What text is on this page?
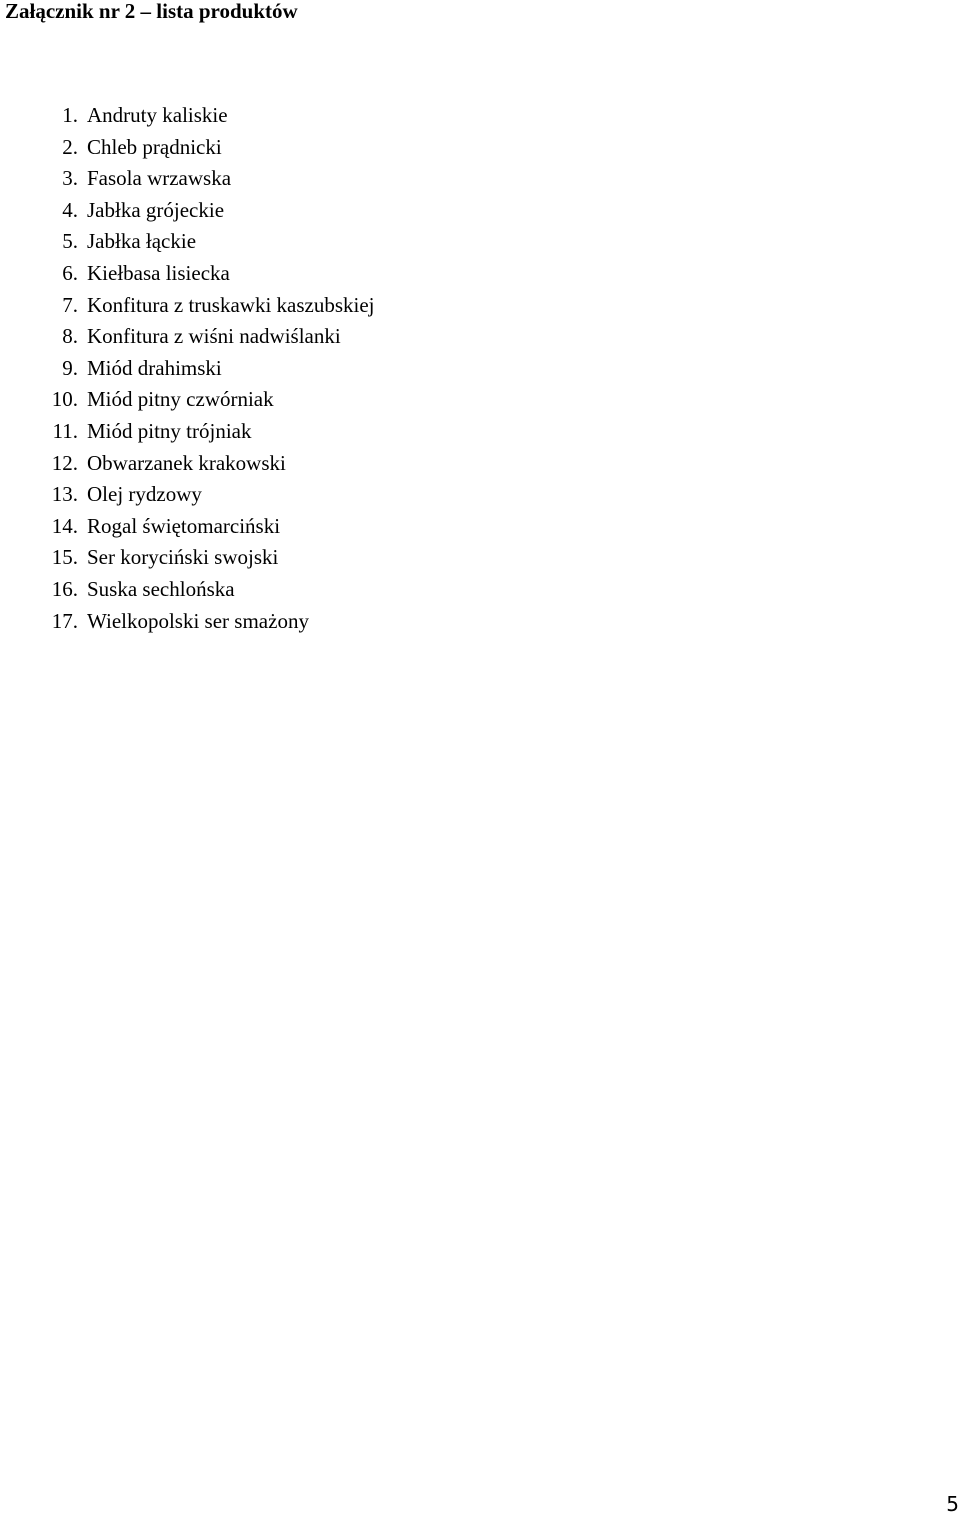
Załącznik nr 2 – lista produktów
1. Andruty kaliskie
2. Chleb prądnicki
3. Fasola wrzawska
4. Jabłka grójeckie
5. Jabłka łąckie
6. Kiełbasa lisiecka
7. Konfitura z truskawki kaszubskiej
8. Konfitura z wiśni nadwiślanki
9. Miód drahimski
10. Miód pitny czwórniak
11. Miód pitny trójniak
12. Obwarzanek krakowski
13. Olej rydzowy
14. Rogal świętomarciński
15. Ser koryciński swojski
16. Suska sechlońska
17. Wielkopolski ser smażony
5
